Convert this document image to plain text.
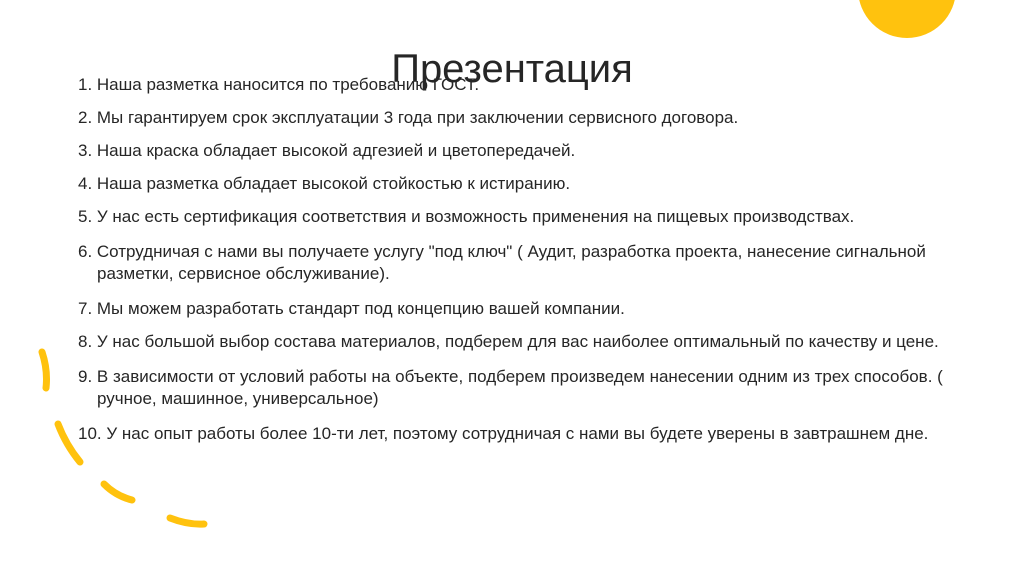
Презентация
1. Наша разметка наносится по требованию ГОСТ.
2. Мы гарантируем срок эксплуатации 3 года при заключении сервисного договора.
3. Наша краска обладает высокой адгезией и цветопередачей.
4. Наша разметка обладает высокой стойкостью к истиранию.
5. У нас есть сертификация соответствия и возможность применения на пищевых производствах.
6. Сотрудничая с нами вы получаете услугу "под ключ" ( Аудит, разработка проекта, нанесение сигнальной разметки, сервисное обслуживание).
7. Мы можем разработать стандарт под концепцию вашей компании.
8. У нас большой выбор состава материалов, подберем для вас наиболее оптимальный по качеству и цене.
9. В зависимости от условий работы на объекте, подберем произведем нанесении одним из трех способов. ( ручное, машинное, универсальное)
10. У нас опыт работы более 10-ти лет, поэтому сотрудничая с нами вы будете уверены в завтрашнем дне.
